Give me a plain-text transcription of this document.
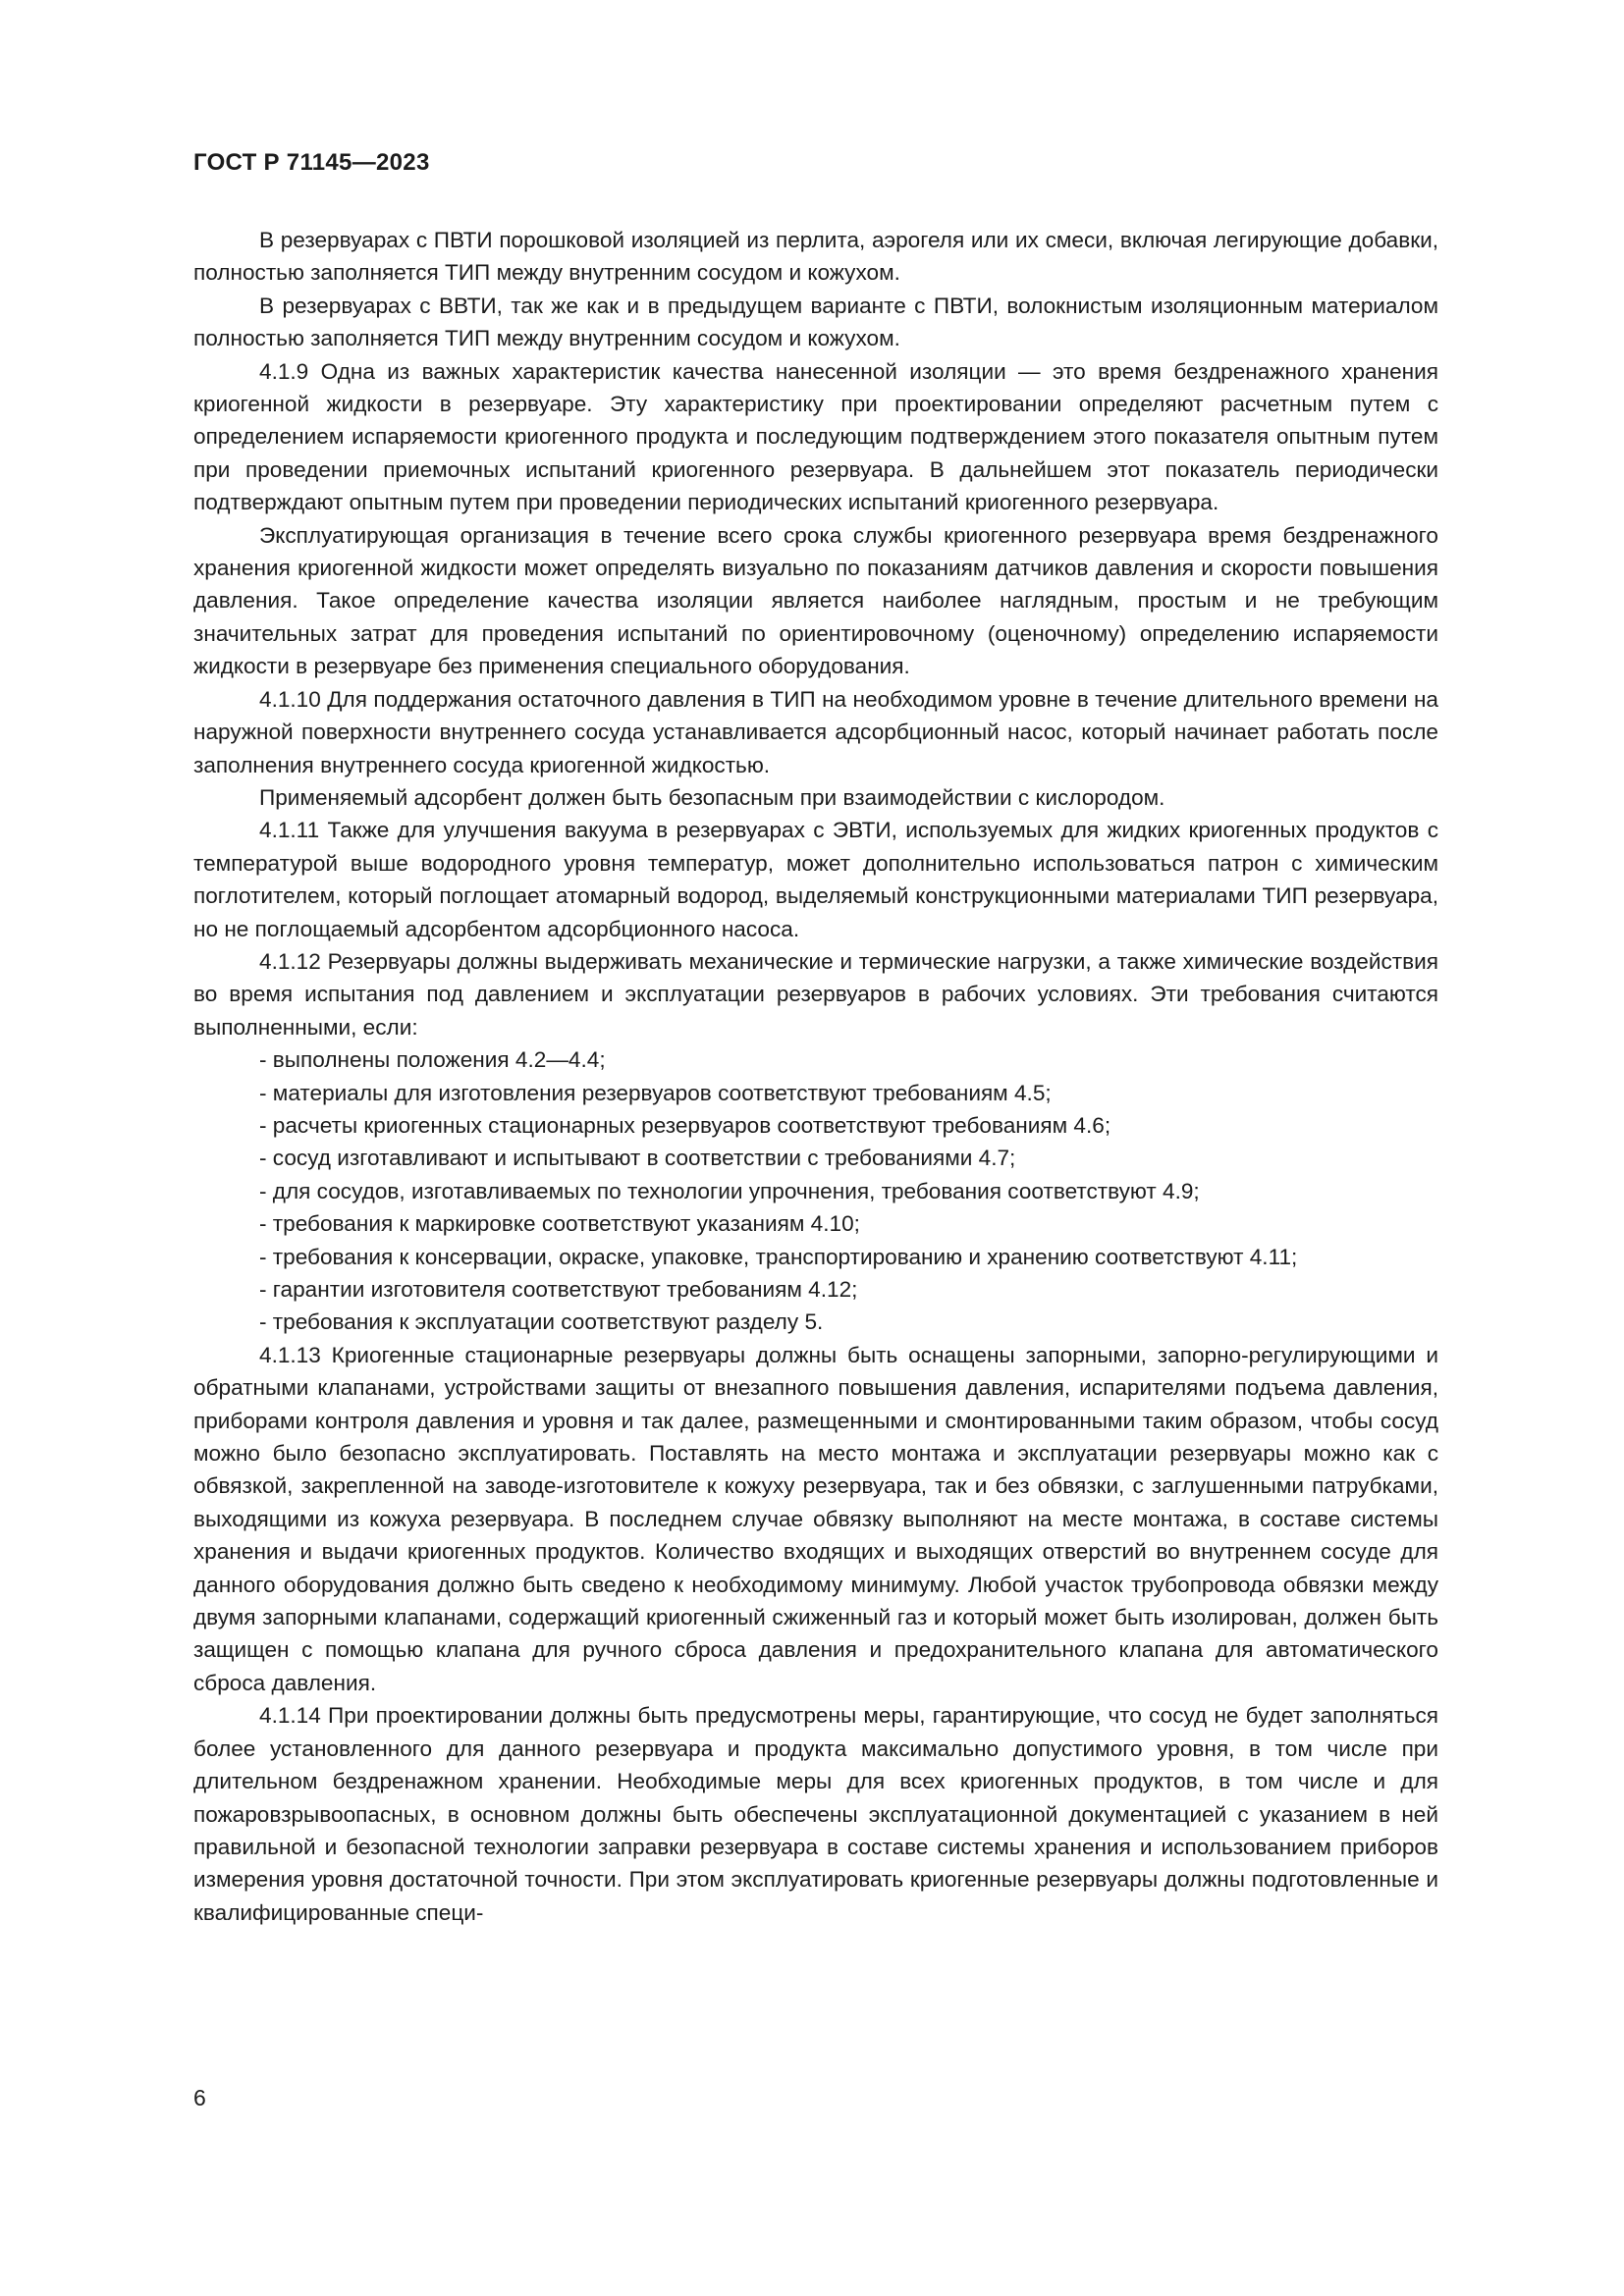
ГОСТ Р 71145—2023

В резервуарах с ПВТИ порошковой изоляцией из перлита, аэрогеля или их смеси, включая легирующие добавки, полностью заполняется ТИП между внутренним сосудом и кожухом.

В резервуарах с ВВТИ, так же как и в предыдущем варианте с ПВТИ, волокнистым изоляционным материалом полностью заполняется ТИП между внутренним сосудом и кожухом.

4.1.9 Одна из важных характеристик качества нанесенной изоляции — это время бездренажного хранения криогенной жидкости в резервуаре. Эту характеристику при проектировании определяют расчетным путем с определением испаряемости криогенного продукта и последующим подтверждением этого показателя опытным путем при проведении приемочных испытаний криогенного резервуара. В дальнейшем этот показатель периодически подтверждают опытным путем при проведении периодических испытаний криогенного резервуара.

Эксплуатирующая организация в течение всего срока службы криогенного резервуара время бездренажного хранения криогенной жидкости может определять визуально по показаниям датчиков давления и скорости повышения давления. Такое определение качества изоляции является наиболее наглядным, простым и не требующим значительных затрат для проведения испытаний по ориентировочному (оценочному) определению испаряемости жидкости в резервуаре без применения специального оборудования.

4.1.10 Для поддержания остаточного давления в ТИП на необходимом уровне в течение длительного времени на наружной поверхности внутреннего сосуда устанавливается адсорбционный насос, который начинает работать после заполнения внутреннего сосуда криогенной жидкостью.

Применяемый адсорбент должен быть безопасным при взаимодействии с кислородом.

4.1.11 Также для улучшения вакуума в резервуарах с ЭВТИ, используемых для жидких криогенных продуктов с температурой выше водородного уровня температур, может дополнительно использоваться патрон с химическим поглотителем, который поглощает атомарный водород, выделяемый конструкционными материалами ТИП резервуара, но не поглощаемый адсорбентом адсорбционного насоса.

4.1.12 Резервуары должны выдерживать механические и термические нагрузки, а также химические воздействия во время испытания под давлением и эксплуатации резервуаров в рабочих условиях. Эти требования считаются выполненными, если:

- выполнены положения 4.2—4.4;

- материалы для изготовления резервуаров соответствуют требованиям 4.5;

- расчеты криогенных стационарных резервуаров соответствуют требованиям 4.6;

- сосуд изготавливают и испытывают в соответствии с требованиями 4.7;

- для сосудов, изготавливаемых по технологии упрочнения, требования соответствуют 4.9;

- требования к маркировке соответствуют указаниям 4.10;

- требования к консервации, окраске, упаковке, транспортированию и хранению соответствуют 4.11;

- гарантии изготовителя соответствуют требованиям 4.12;

- требования к эксплуатации соответствуют разделу 5.

4.1.13 Криогенные стационарные резервуары должны быть оснащены запорными, запорно-регулирующими и обратными клапанами, устройствами защиты от внезапного повышения давления, испарителями подъема давления, приборами контроля давления и уровня и так далее, размещенными и смонтированными таким образом, чтобы сосуд можно было безопасно эксплуатировать. Поставлять на место монтажа и эксплуатации резервуары можно как с обвязкой, закрепленной на заводе-изготовителе к кожуху резервуара, так и без обвязки, с заглушенными патрубками, выходящими из кожуха резервуара. В последнем случае обвязку выполняют на месте монтажа, в составе системы хранения и выдачи криогенных продуктов. Количество входящих и выходящих отверстий во внутреннем сосуде для данного оборудования должно быть сведено к необходимому минимуму. Любой участок трубопровода обвязки между двумя запорными клапанами, содержащий криогенный сжиженный газ и который может быть изолирован, должен быть защищен с помощью клапана для ручного сброса давления и предохранительного клапана для автоматического сброса давления.

4.1.14 При проектировании должны быть предусмотрены меры, гарантирующие, что сосуд не будет заполняться более установленного для данного резервуара и продукта максимально допустимого уровня, в том числе при длительном бездренажном хранении. Необходимые меры для всех криогенных продуктов, в том числе и для пожаровзрывоопасных, в основном должны быть обеспечены эксплуатационной документацией с указанием в ней правильной и безопасной технологии заправки резервуара в составе системы хранения и использованием приборов измерения уровня достаточной точности. При этом эксплуатировать криогенные резервуары должны подготовленные и квалифицированные специ-

6
